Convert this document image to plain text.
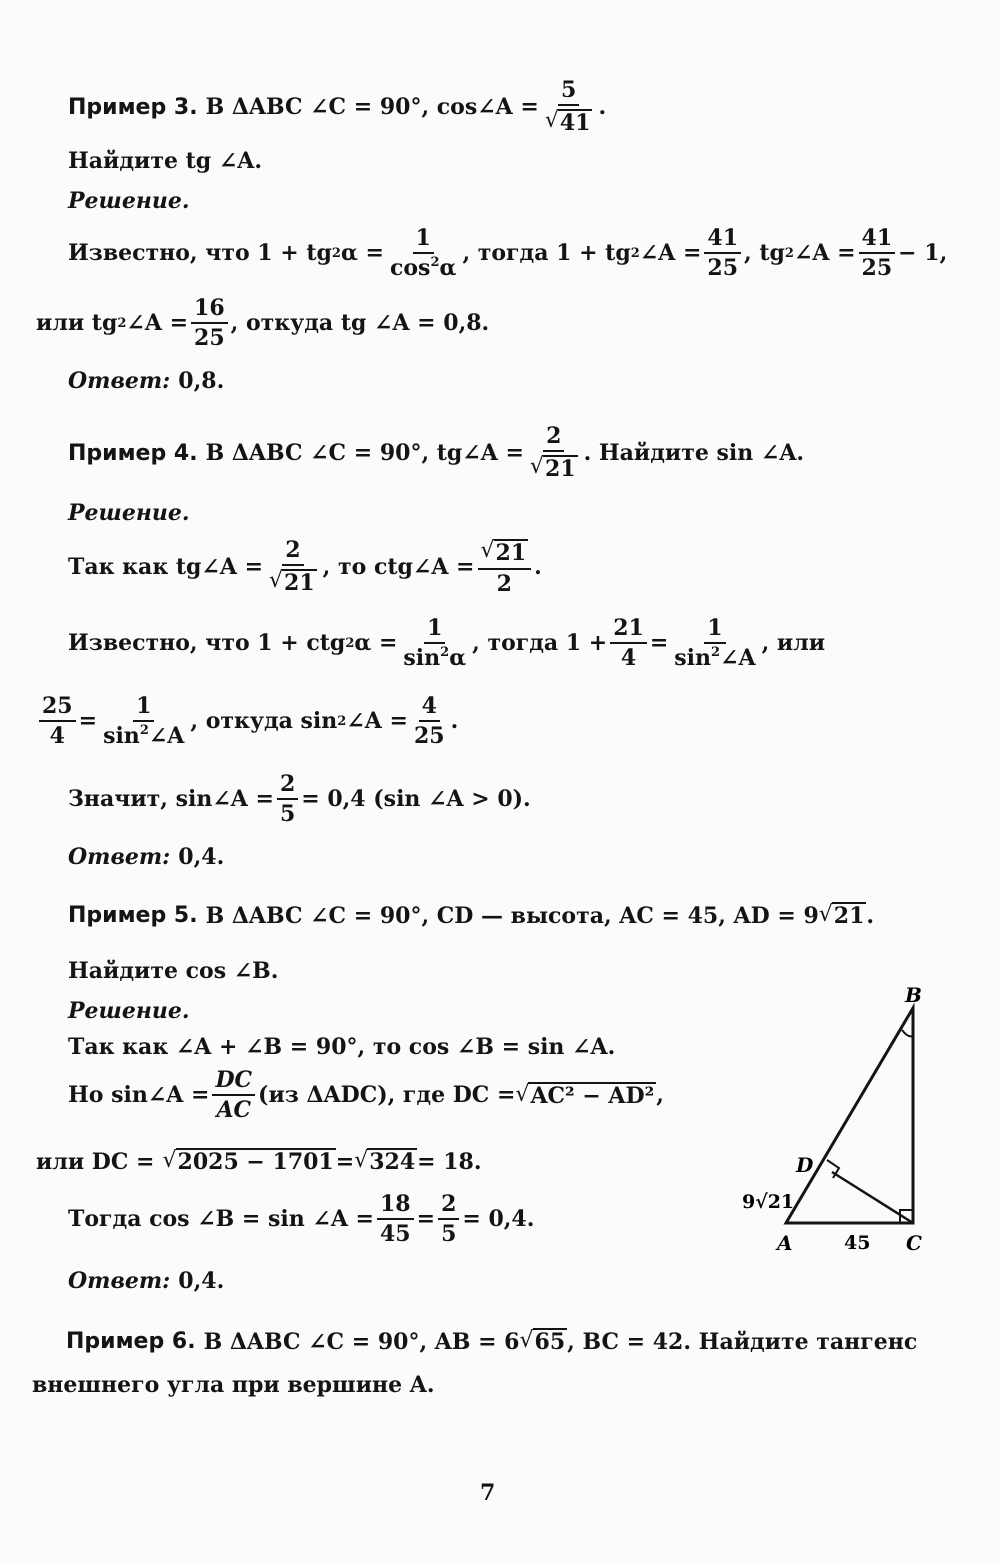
Пример 3. В ΔABC ∠C = 90°, cos∠A = $\frac{5}{√ 41}$ .
Найдите tg ∠A.
Решение.
Известно, что 1 + tg 2 $\alpha = \frac{1}{\cos^2\alpha}$ , тогда 1 + tg 2 ∠A = $\frac{41}{25}$ , tg 2 ∠A = $\frac{41}{25} - 1$,
или tg 2 ∠A = $\frac{16}{25}$ , откуда tg ∠A = 0,8.
Ответ: 0,8.
Пример 4. В ΔABC ∠C = 90°, tg∠A = $\frac{2}{√ 21}$ . Найдите sin ∠A.
Решение.
Так как tg∠A = $\frac{2}{√ 21}$ , то ctg∠A = $\frac{√ 21}{2}$ .
Известно, что 1 + ctg 2 $\alpha = \frac{1}{\sin^2\alpha}$ , тогда $1 + \frac{21}{4} = \frac{1}{\sin^2\angle A}$ , или
$\frac{25}{4} = \frac{1}{\sin^2\angle A}$ , откуда sin 2 ∠A = $\frac{4}{25}$ .
Значит, sin∠A = $\frac{2}{5} = 0,4$ (sin ∠A > 0).
Ответ: 0,4.
Пример 5. В ΔABC ∠C = 90°, CD — высота, AC = 45, AD = 9 √ 21 .
Найдите cos ∠B.
Решение.
Так как ∠A + ∠B = 90°, то cos ∠B = sin ∠A.
Но sin∠A = $\frac{DC}{AC} (из$ ΔADC), где DC = √ AC² − AD² ,
или DC = √ 2025 − 1701 = √ 324 = 18.
Тогда cos ∠B = sin ∠A = $\frac{18}{45} = \frac{2}{5} = 0,4$.
Ответ: 0,4.
B
D
A	C
9√21
45
Пример 6. В ΔABC ∠C = 90°, AB = 6 √ 65 , BC = 42. Найдите тангенс
внешнего угла при вершине A.
7
